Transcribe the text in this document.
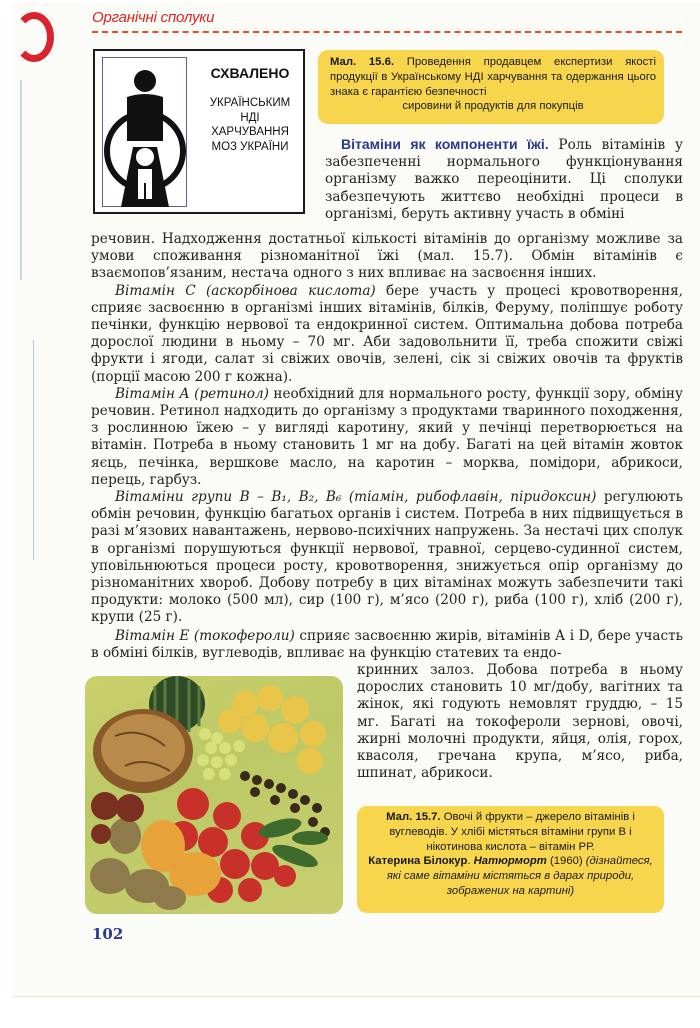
Органічні сполуки
СХВАЛЕНО
УКРАЇНСЬКИМ
НДІ
ХАРЧУВАННЯ
МОЗ УКРАЇНИ
Мал. 15.6. Проведення продавцем експертизи якості продукції в Українському НДІ харчування та одержання цього знака є гарантією безпечності
сировини й продуктів для покупців

Вітаміни як компоненти їжі. Роль вітамінів у забезпеченні нормального функціонування організму важко переоцінити. Ці сполуки забезпечують життєво необхідні процеси в організмі, беруть активну участь в обміні

речовин. Надходження достатньої кількості вітамінів до організму можливе за умови споживання різноманітної їжі (мал. 15.7). Обмін вітамінів є взаємопов’язаним, нестача одного з них впливає на засвоєння інших.

Вітамін С (аскорбінова кислота) бере участь у процесі кровотворення, сприяє засвоєнню в організмі інших вітамінів, білків, Феруму, поліпшує роботу печінки, функцію нервової та ендокринної систем. Оптимальна добова потреба дорослої людини в ньому – 70 мг. Аби задовольнити її, треба спожити свіжі фрукти і ягоди, салат зі свіжих овочів, зелені, сік зі свіжих овочів та фруктів (порції масою 200 г кожна).

Вітамін А (ретинол) необхідний для нормального росту, функції зору, обміну речовин. Ретинол надходить до організму з продуктами тваринного походження, з рослинною їжею – у вигляді каротину, який у печінці перетворюється на вітамін. Потреба в ньому становить 1 мг на добу. Багаті на цей вітамін жовток яєць, печінка, вершкове масло, на каротин – морква, помідори, абрикоси, перець, гарбуз.

Вітаміни групи В – В₁, В₂, В₆ (тіамін, рибофлавін, піридоксин) регулюють обмін речовин, функцію багатьох органів і систем. Потреба в них підвищується в разі м’язових навантажень, нервово-психічних напружень. За нестачі цих сполук в організмі порушуються функції нервової, травної, серцево-судинної систем, уповільнюються процеси росту, кровотворення, знижується опір організму до різноманітних хвороб. Добову потребу в цих вітамінах можуть забезпечити такі продукти: молоко (500 мл), сир (100 г), м’ясо (200 г), риба (100 г), хліб (200 г), крупи (25 г).

Вітамін Е (токофероли) сприяє засвоєнню жирів, вітамінів А і D, бере участь в обміні білків, вуглеводів, впливає на функцію статевих та ендо-

кринних залоз. Добова потреба в ньому дорослих становить 10 мг/добу, вагітних та жінок, які годують немовлят груддю, – 15 мг. Багаті на токофероли зернові, овочі, жирні молочні продукти, яйця, олія, горох, квасоля, гречана крупа, м’ясо, риба, шпинат, абрикоси.

Мал. 15.7. Овочі й фрукти – джерело вітамінів і вуглеводів. У хлібі містяться вітаміни групи В і нікотинова кислота – вітамін РР.
Катерина Білокур. Натюрморт (1960) (дізнайтеся, які саме вітаміни містяться в дарах природи, зображених на картині)
102
